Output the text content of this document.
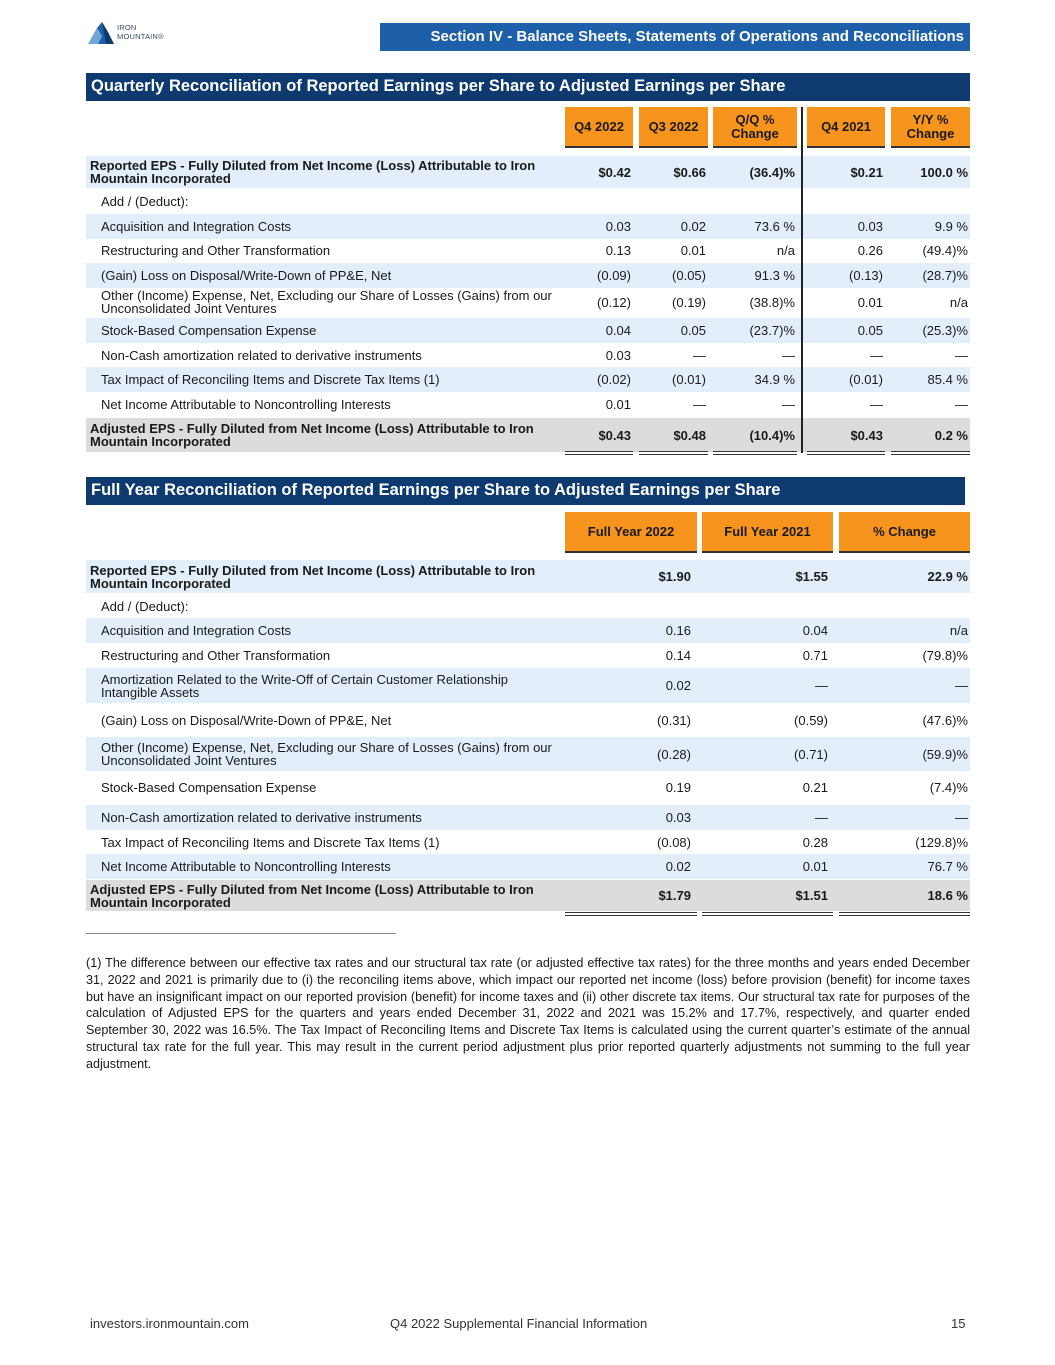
IRON
MOUNTAIN®	Section IV - Balance Sheets, Statements of Operations and Reconciliations
Quarterly Reconciliation of Reported Earnings per Share to Adjusted Earnings per Share
Q4 2022	Q3 2022	Q/Q % Change	Q4 2021	Y/Y % Change
Reported EPS - Fully Diluted from Net Income (Loss) Attributable to Iron Mountain Incorporated	$0.42	$0.66	(36.4)%	$0.21	100.0 %
Add / (Deduct):
Acquisition and Integration Costs	0.03	0.02	73.6 %	0.03	9.9 %
Restructuring and Other Transformation	0.13	0.01	n/a	0.26	(49.4)%
(Gain) Loss on Disposal/Write-Down of PP&E, Net	(0.09)	(0.05)	91.3 %	(0.13)	(28.7)%
Other (Income) Expense, Net, Excluding our Share of Losses (Gains) from our Unconsolidated Joint Ventures	(0.12)	(0.19)	(38.8)%	0.01	n/a
Stock-Based Compensation Expense	0.04	0.05	(23.7)%	0.05	(25.3)%
Non-Cash amortization related to derivative instruments	0.03	—	—	—	—
Tax Impact of Reconciling Items and Discrete Tax Items (1)	(0.02)	(0.01)	34.9 %	(0.01)	85.4 %
Net Income Attributable to Noncontrolling Interests	0.01	—	—	—	—
Adjusted EPS - Fully Diluted from Net Income (Loss) Attributable to Iron Mountain Incorporated	$0.43	$0.48	(10.4)%	$0.43	0.2 %
Full Year Reconciliation of Reported Earnings per Share to Adjusted Earnings per Share
Full Year 2022	Full Year 2021	% Change
Reported EPS - Fully Diluted from Net Income (Loss) Attributable to Iron Mountain Incorporated	$1.90	$1.55	22.9 %
Add / (Deduct):
Acquisition and Integration Costs	0.16	0.04	n/a
Restructuring and Other Transformation	0.14	0.71	(79.8)%
Amortization Related to the Write-Off of Certain Customer Relationship Intangible Assets	0.02	—	—
(Gain) Loss on Disposal/Write-Down of PP&E, Net	(0.31)	(0.59)	(47.6)%
Other (Income) Expense, Net, Excluding our Share of Losses (Gains) from our Unconsolidated Joint Ventures	(0.28)	(0.71)	(59.9)%
Stock-Based Compensation Expense	0.19	0.21	(7.4)%
Non-Cash amortization related to derivative instruments	0.03	—	—
Tax Impact of Reconciling Items and Discrete Tax Items (1)	(0.08)	0.28	(129.8)%
Net Income Attributable to Noncontrolling Interests	0.02	0.01	76.7 %
Adjusted EPS - Fully Diluted from Net Income (Loss) Attributable to Iron Mountain Incorporated	$1.79	$1.51	18.6 %
(1) The difference between our effective tax rates and our structural tax rate (or adjusted effective tax rates) for the three months and years ended December 31, 2022 and 2021 is primarily due to (i) the reconciling items above, which impact our reported net income (loss) before provision (benefit) for income taxes but have an insignificant impact on our reported provision (benefit) for income taxes and (ii) other discrete tax items. Our structural tax rate for purposes of the calculation of Adjusted EPS for the quarters and years ended December 31, 2022 and 2021 was 15.2% and 17.7%, respectively, and quarter ended September 30, 2022 was 16.5%. The Tax Impact of Reconciling Items and Discrete Tax Items is calculated using the current quarter’s estimate of the annual structural tax rate for the full year. This may result in the current period adjustment plus prior reported quarterly adjustments not summing to the full year adjustment.
investors.ironmountain.com	Q4 2022 Supplemental Financial Information	15
